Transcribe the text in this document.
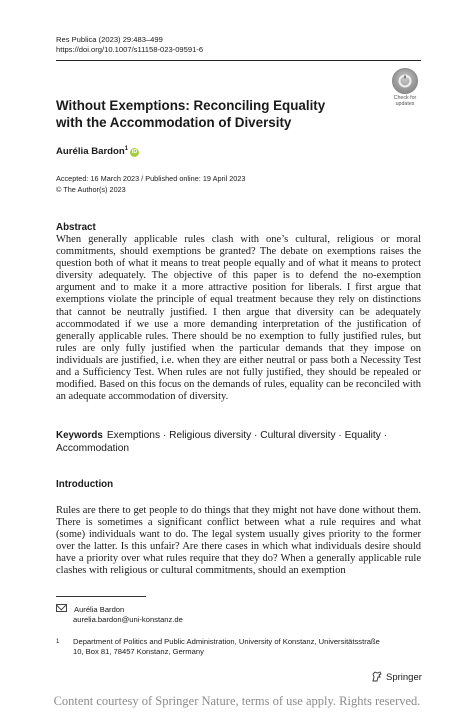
Res Publica (2023) 29:483–499
https://doi.org/10.1007/s11158-023-09591-6
Check for
updates
Without Exemptions: Reconciling Equality
with the Accommodation of Diversity
Aurélia Bardon$^1$iD
Accepted: 16 March 2023 / Published online: 19 April 2023
© The Author(s) 2023
Abstract

When generally applicable rules clash with one’s cultural, religious or moral commitments, should exemptions be granted? The debate on exemptions raises the question both of what it means to treat people equally and of what it means to protect diversity adequately. The objective of this paper is to defend the no-exemption argument and to make it a more attractive position for liberals. I first argue that exemptions violate the principle of equal treatment because they rely on distinctions that cannot be neutrally justified. I then argue that diversity can be adequately accommodated if we use a more demanding interpretation of the justification of generally applicable rules. There should be no exemption to fully justified rules, but rules are only fully justified when the particular demands that they impose on individuals are justified, i.e. when they are either neutral or pass both a Necessity Test and a Sufficiency Test. When rules are not fully justified, they should be repealed or modified. Based on this focus on the demands of rules, equality can be reconciled with an adequate accommodation of diversity.

Keywords Exemptions · Religious diversity · Cultural diversity · Equality · Accommodation
Introduction

Rules are there to get people to do things that they might not have done without them. There is sometimes a significant conflict between what a rule requires and what (some) individuals want to do. The legal system usually gives priority to the former over the latter. Is this unfair? Are there cases in which what individuals desire should have a priority over what rules require that they do? When a generally applicable rule clashes with religious or cultural commitments, should an exemption

Aurélia Bardon
aurelia.bardon@uni-konstanz.de
1 Department of Politics and Public Administration, University of Konstanz, Universitätsstraße
10, Box 81, 78457 Konstanz, Germany
Springer
Content courtesy of Springer Nature, terms of use apply. Rights reserved.
